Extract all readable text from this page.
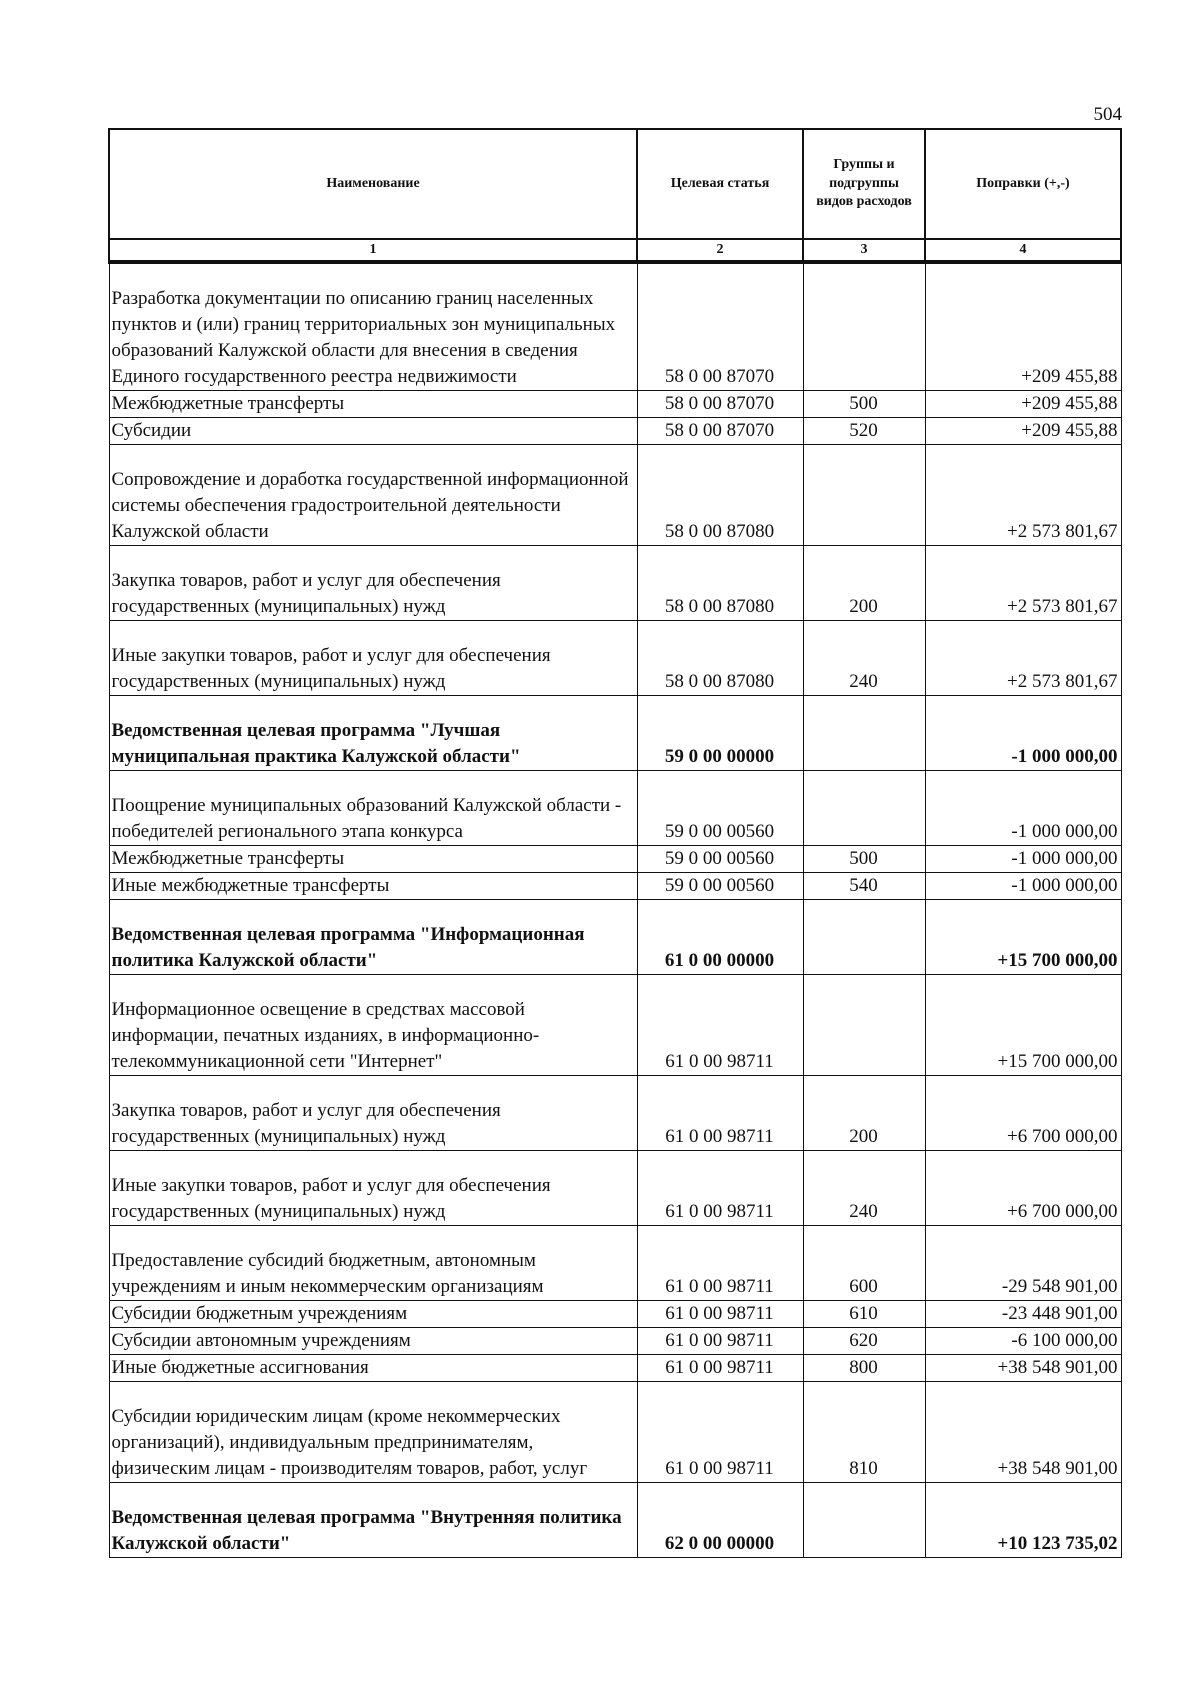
504
Наименование	Целевая статья	Группы и подгруппы видов расходов	Поправки (+,-)
1	2	3	4
Разработка документации по описанию границ населенных пунктов и (или) границ территориальных зон муниципальных образований Калужской области для внесения в сведения Единого государственного реестра недвижимости	58 0 00 87070		+209 455,88
Межбюджетные трансферты	58 0 00 87070	500	+209 455,88
Субсидии	58 0 00 87070	520	+209 455,88
Сопровождение и доработка государственной информационной системы обеспечения градостроительной деятельности Калужской области	58 0 00 87080		+2 573 801,67
Закупка товаров, работ и услуг для обеспечения государственных (муниципальных) нужд	58 0 00 87080	200	+2 573 801,67
Иные закупки товаров, работ и услуг для обеспечения государственных (муниципальных) нужд	58 0 00 87080	240	+2 573 801,67
Ведомственная целевая программа "Лучшая муниципальная практика Калужской области"	59 0 00 00000		-1 000 000,00
Поощрение муниципальных образований Калужской области - победителей регионального этапа конкурса	59 0 00 00560		-1 000 000,00
Межбюджетные трансферты	59 0 00 00560	500	-1 000 000,00
Иные межбюджетные трансферты	59 0 00 00560	540	-1 000 000,00
Ведомственная целевая программа "Информационная политика Калужской области"	61 0 00 00000		+15 700 000,00
Информационное освещение в средствах массовой информации, печатных изданиях, в информационно-телекоммуникационной сети "Интернет"	61 0 00 98711		+15 700 000,00
Закупка товаров, работ и услуг для обеспечения государственных (муниципальных) нужд	61 0 00 98711	200	+6 700 000,00
Иные закупки товаров, работ и услуг для обеспечения государственных (муниципальных) нужд	61 0 00 98711	240	+6 700 000,00
Предоставление субсидий бюджетным, автономным учреждениям и иным некоммерческим организациям	61 0 00 98711	600	-29 548 901,00
Субсидии бюджетным учреждениям	61 0 00 98711	610	-23 448 901,00
Субсидии автономным учреждениям	61 0 00 98711	620	-6 100 000,00
Иные бюджетные ассигнования	61 0 00 98711	800	+38 548 901,00
Субсидии юридическим лицам (кроме некоммерческих организаций), индивидуальным предпринимателям, физическим лицам - производителям товаров, работ, услуг	61 0 00 98711	810	+38 548 901,00
Ведомственная целевая программа "Внутренняя политика Калужской области"	62 0 00 00000		+10 123 735,02
